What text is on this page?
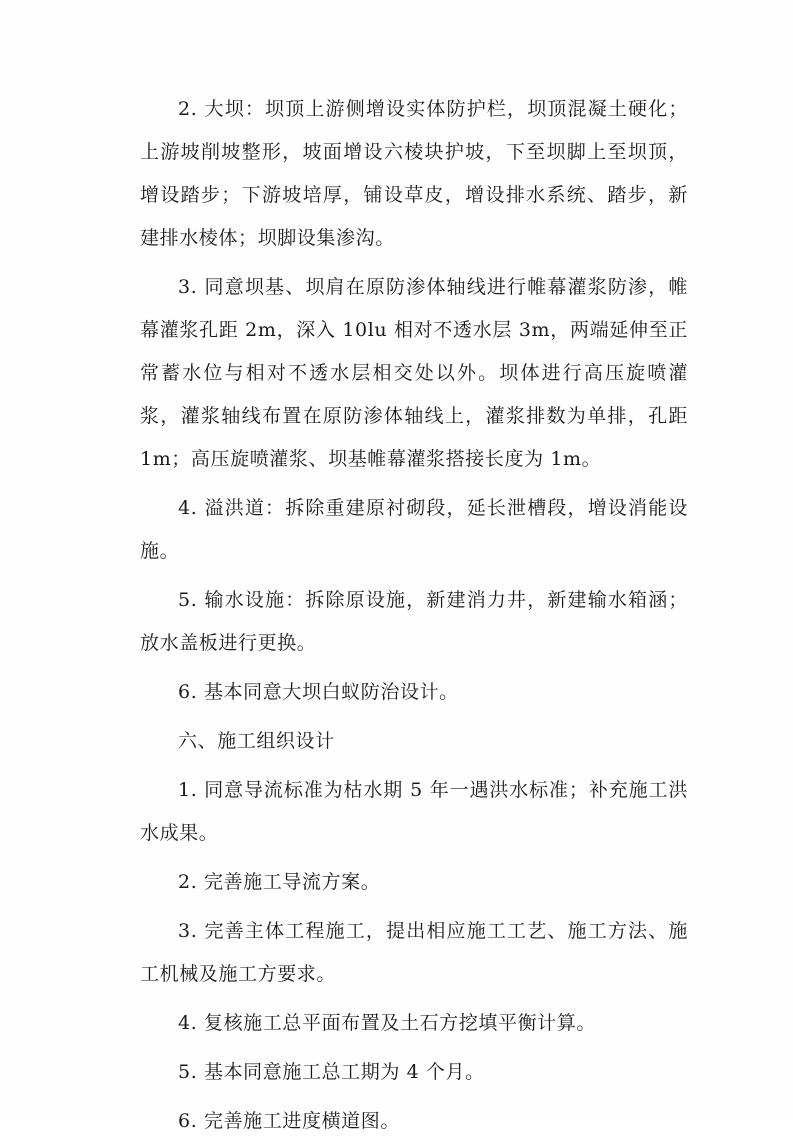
2. 大坝：坝顶上游侧增设实体防护栏，坝顶混凝土硬化；上游坡削坡整形，坡面增设六棱块护坡，下至坝脚上至坝顶，增设踏步；下游坡培厚，铺设草皮，增设排水系统、踏步，新建排水棱体；坝脚设集渗沟。

3. 同意坝基、坝肩在原防渗体轴线进行帷幕灌浆防渗，帷幕灌浆孔距 2m，深入 10lu 相对不透水层 3m，两端延伸至正常蓄水位与相对不透水层相交处以外。坝体进行高压旋喷灌浆，灌浆轴线布置在原防渗体轴线上，灌浆排数为单排，孔距 1m；高压旋喷灌浆、坝基帷幕灌浆搭接长度为 1m。

4. 溢洪道：拆除重建原衬砌段，延长泄槽段，增设消能设施。

5. 输水设施：拆除原设施，新建消力井，新建输水箱涵；放水盖板进行更换。

6. 基本同意大坝白蚁防治设计。

六、施工组织设计

1. 同意导流标准为枯水期 5 年一遇洪水标准；补充施工洪水成果。

2. 完善施工导流方案。

3. 完善主体工程施工，提出相应施工工艺、施工方法、施工机械及施工方要求。

4. 复核施工总平面布置及土石方挖填平衡计算。

5. 基本同意施工总工期为 4 个月。

6. 完善施工进度横道图。
